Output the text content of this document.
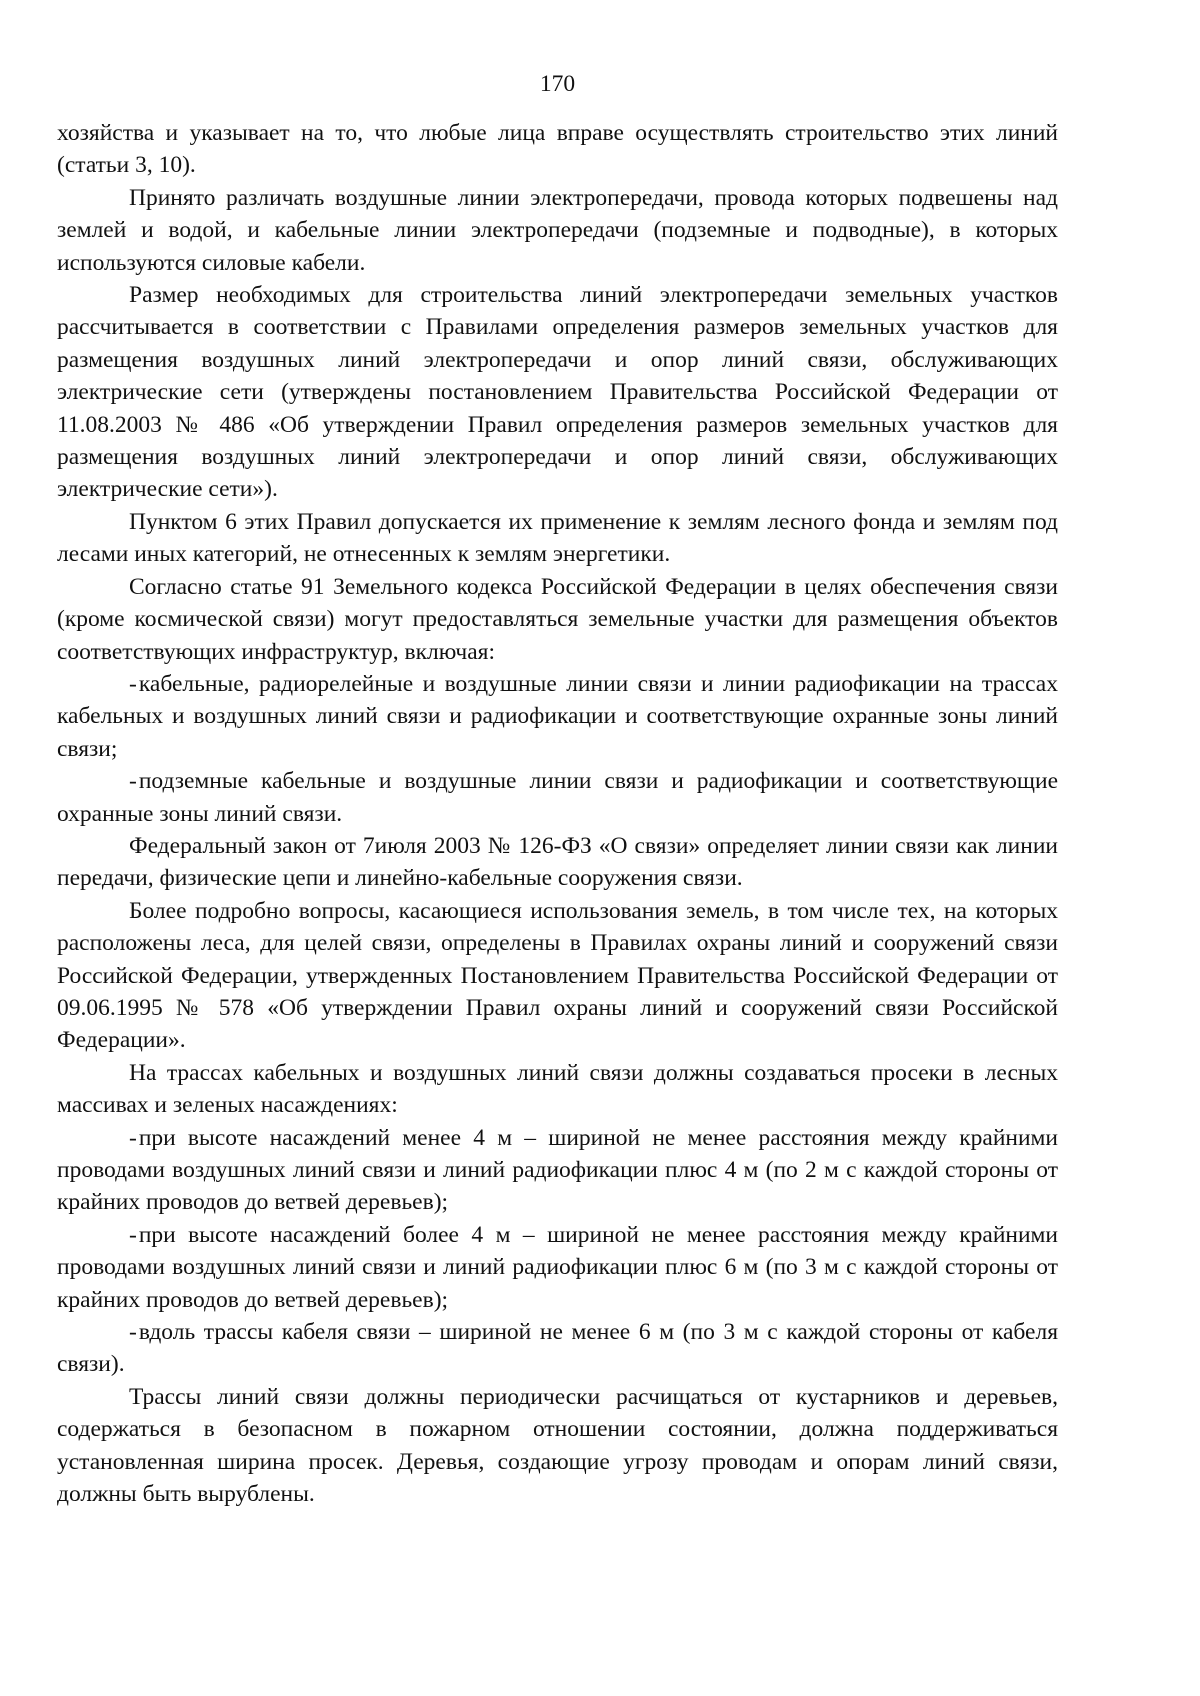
170

хозяйства и указывает на то, что любые лица вправе осуществлять строительство этих линий (статьи 3, 10).

Принято различать воздушные линии электропередачи, провода которых подвешены над землей и водой, и кабельные линии электропередачи (подземные и подводные), в которых используются силовые кабели.

Размер необходимых для строительства линий электропередачи земельных участков рассчитывается в соответствии с Правилами определения размеров земельных участков для размещения воздушных линий электропередачи и опор линий связи, обслуживающих электрические сети (утверждены постановлением Правительства Российской Федерации от 11.08.2003 № 486 «Об утверждении Правил определения размеров земельных участков для размещения воздушных линий электропередачи и опор линий связи, обслуживающих электрические сети»).

Пунктом 6 этих Правил допускается их применение к землям лесного фонда и землям под лесами иных категорий, не отнесенных к землям энергетики.

Согласно статье 91 Земельного кодекса Российской Федерации в целях обеспечения связи (кроме космической связи) могут предоставляться земельные участки для размещения объектов соответствующих инфраструктур, включая:

-кабельные, радиорелейные и воздушные линии связи и линии радиофикации на трассах кабельных и воздушных линий связи и радиофикации и соответствующие охранные зоны линий связи;

-подземные кабельные и воздушные линии связи и радиофикации и соответствующие охранные зоны линий связи.

Федеральный закон от 7июля 2003 № 126-ФЗ «О связи» определяет линии связи как линии передачи, физические цепи и линейно-кабельные сооружения связи.

Более подробно вопросы, касающиеся использования земель, в том числе тех, на которых расположены леса, для целей связи, определены в Правилах охраны линий и сооружений связи Российской Федерации, утвержденных Постановлением Правительства Российской Федерации от 09.06.1995 № 578 «Об утверждении Правил охраны линий и сооружений связи Российской Федерации».

На трассах кабельных и воздушных линий связи должны создаваться просеки в лесных массивах и зеленых насаждениях:

-при высоте насаждений менее 4 м – шириной не менее расстояния между крайними проводами воздушных линий связи и линий радиофикации плюс 4 м (по 2 м с каждой стороны от крайних проводов до ветвей деревьев);

-при высоте насаждений более 4 м – шириной не менее расстояния между крайними проводами воздушных линий связи и линий радиофикации плюс 6 м (по 3 м с каждой стороны от крайних проводов до ветвей деревьев);

-вдоль трассы кабеля связи – шириной не менее 6 м (по 3 м с каждой стороны от кабеля связи).

Трассы линий связи должны периодически расчищаться от кустарников и деревьев, содержаться в безопасном в пожарном отношении состоянии, должна поддерживаться установленная ширина просек. Деревья, создающие угрозу проводам и опорам линий связи, должны быть вырублены.
